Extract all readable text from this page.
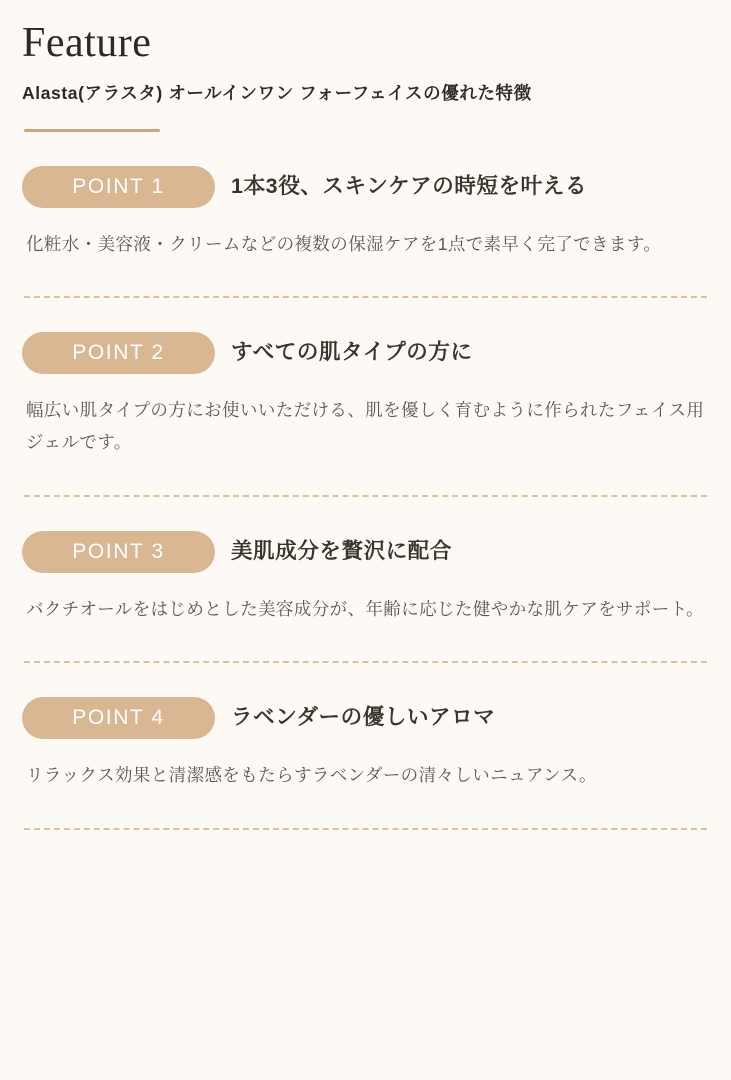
Feature

Alasta(アラスタ) オールインワン フォーフェイスの優れた特徴

POINT 1	1本3役、スキンケアの時短を叶える
化粧水・美容液・クリームなどの複数の保湿ケアを1点で素早く完了できます。
POINT 2	すべての肌タイプの方に
幅広い肌タイプの方にお使いいただける、肌を優しく育むように作られたフェイス用ジェルです。
POINT 3	美肌成分を贅沢に配合
バクチオールをはじめとした美容成分が、年齢に応じた健やかな肌ケアをサポート。
POINT 4	ラベンダーの優しいアロマ
リラックス効果と清潔感をもたらすラベンダーの清々しいニュアンス。
